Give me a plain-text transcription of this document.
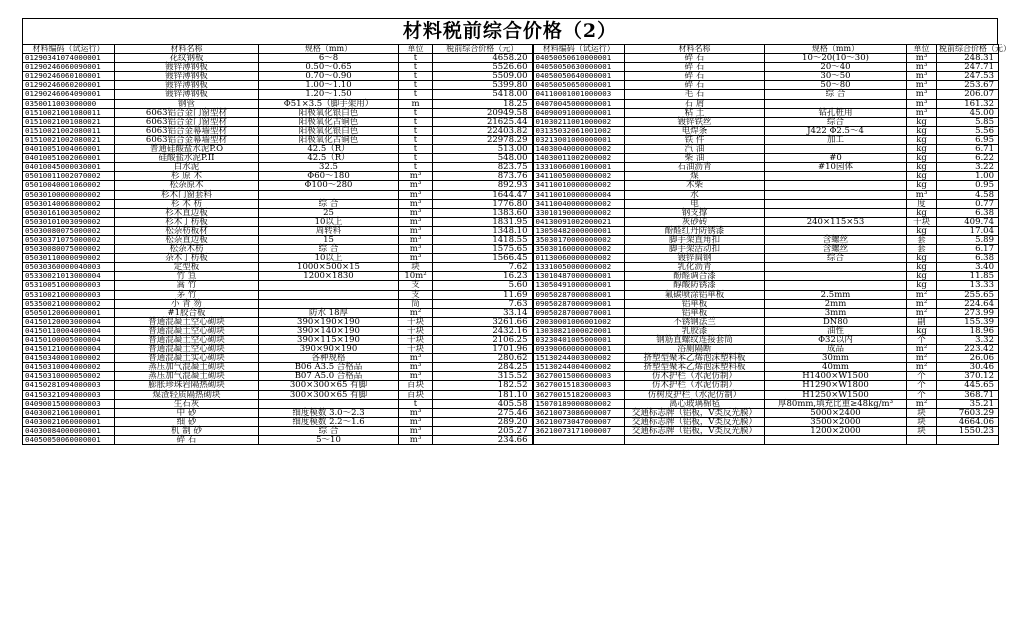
材料税前综合价格（2）
材料编码（试运行）	材料名称	规格（mm）	单位	税前综合价格（元）	材料编码（试运行）	材料名称	规格（mm）	单位	税前综合价格（元）
01290341074000001	花纹钢板	6～8	t	4658.20	04050050610000001	碎 石	10～20(10～30)	m³	248.31
01290246060090001	镀锌薄钢板	0.50～0.65	t	5526.60	04050050630000001	碎 石	20～40	m³	247.71
01290246060100001	镀锌薄钢板	0.70～0.90	t	5509.00	04050050640000001	碎 石	30～50	m³	247.53
01290246060200001	镀锌薄钢板	1.00～1.10	t	5399.80	04050050650000001	碎 石	50～80	m³	253.67
01290246064090001	镀锌薄钢板	1.20～1.50	t	5418.00	04110001001000003	毛 石	综 合	m³	206.07
0350011003000000	钢管	Φ51×3.5（脚手架用）	m	18.25	04070045000000001	石 屑		m³	161.32
01510021001080011	6063铝合金门窗型材	阳极氧化银白色	t	20949.58	04090091000000001	粘 土	钻孔桩用	m³	45.00
01510021001080021	6063铝合金门窗型材	阳极氧化古铜色	t	21625.44	01030211001000002	镀锌铁丝	综合	kg	5.85
01510021002080011	6063铝合金幕墙型材	阳极氧化银白色	t	22403.82	03135032061001002	电焊条	J422 Φ2.5～4	kg	5.56
01510021002080021	6063铝合金幕墙型材	阳极氧化古铜色	t	22978.29	03213001000000001	铁 件	加工	kg	6.95
04010051004060001	普通硅酸盐水泥P.O	42.5（R）	t	513.00	14030040000000002	汽 油		kg	6.71
04010051002060001	硅酸盐水泥P.II	42.5（R）	t	548.00	14030011002000002	柴 油	#0	kg	6.22
04010045000030001	白水泥	32.5	t	823.75	13310060001000001	石油沥青	#10园体	kg	3.22
05010011002070002	杉 原 木	Φ60～180	m³	873.76	34110050000000002	煤		kg	1.00
05010040001060002	松杂原木	Φ100～280	m³	892.93	34110010000000002	木柴		kg	0.95
05030100000000002	杉木门窗套料		m³	1644.47	34110010000000004	水		m³	4.58
05030140068000002	杉 木 枋	综 合	m³	1776.80	34110040000000002	电		度	0.77
05030161003050002	杉木直边板	25	m³	1383.60	33010190000000002	钢支撑		kg	6.38
05030101003090002	杉木丁枋板	10以上	m³	1831.95	04130091002000021	灰砂砖	240×115×53	千块	409.74
05030080075000002	松杂枋板材	周转料	m³	1348.10	13050482000000001	酚醛红丹防锈漆		kg	17.04
05030371075000002	松杂直边板	15	m³	1418.55	35030170000000002	脚手架直角扣	含螺丝	套	5.89
05030080075000002	松杂木枋	综 合	m³	1575.65	35030160000000002	脚手架活动扣	含螺丝	套	6.17
05030110000090002	杂木丁枋板	10以上	m³	1566.45	01130060000000002	镀锌扁钢	综合	kg	6.38
05030360000040003	定型板	1000×500×15	块	7.62	13310050000000002	乳化沥青		kg	3.40
05330021013000004	竹 笪	1200×1830	10m²	16.23	13010487000000001	酚醛调合漆		kg	11.85
05310051000000003	篙 竹		支	5.60	13050491000000001	醇酸防锈漆		kg	13.33
05310021000000003	茅 竹		支	11.69	09050287000080001	氟碳喷涂铝单板	2.5mm	m²	255.65
05350021000000002	小 青 笏		筒	7.63	09050287000090001	铝单板	2mm	m²	224.64
05050120060000001	#1胶合板	防水 18厚	m²	33.14	09050287000070001	铝单板	3mm	m²	273.99
04150120003000004	普通混凝土空心砌块	390×190×190	千块	3261.66	20030001006001002	不锈钢法兰	DN80	副	155.39
04150110004000004	普通混凝土空心砌块	390×140×190	千块	2432.16	13030821000020001	乳胶漆	油性	kg	18.96
04150100005000004	普通混凝土空心砌块	390×115×190	千块	2106.25	03230401005000001	钢筋直螺纹连接套筒	Φ32以内	个	3.32
04150121006000004	普通混凝土空心砌块	390×90×190	千块	1701.96	09390060000000001	浴厕隔断	成品	m²	223.42
04150340001000002	普通混凝土实心砌块	各种规格	m³	280.62	15130244003000002	挤塑型聚苯乙烯泡沫塑料板	30mm	m²	26.06
04150310004000002	蒸压加气混凝土砌块	B06 A3.5 合格品	m³	284.25	15130244004000002	挤塑型聚苯乙烯泡沫塑料板	40mm	m²	30.46
04150310000050002	蒸压加气混凝土砌块	B07 A5.0 合格品	m³	315.52	36270015006000003	仿木护栏（水泥仿制）	H1400×W1500	个	370.12
04150281094000003	膨胀珍珠岩隔热砌块	300×300×65 有脚	百块	182.52	36270015183000003	仿木护栏（水泥仿制）	H1290×W1800	个	445.65
04150321094000003	煤渣轻质隔热砌块	300×300×65 有脚	百块	181.10	36270015182000003	仿树皮护栏（水泥仿制）	H1250×W1500	个	368.71
04090015000000003	生石灰		t	405.58	15070189000800002	离心玻璃棉毡	厚80mm,填充比重≥48kg/m³	m²	35.21
04030021061000001	中 砂	细度模数 3.0～2.3	m³	275.46	36210073086000007	交通标志牌（铝板，V类反光膜）	5000×2400	块	7603.29
04030021060000001	细 砂	细度模数 2.2～1.6	m³	289.20	36210073047000007	交通标志牌（铝板，V类反光膜）	3500×2000	块	4664.06
04030084000000001	机 制 砂	综 合	m³	205.27	36210073171000007	交通标志牌（铝板，V类反光膜）	1200×2000	块	1550.23
04050050060000001	碎 石	5～10	m³	234.66					
